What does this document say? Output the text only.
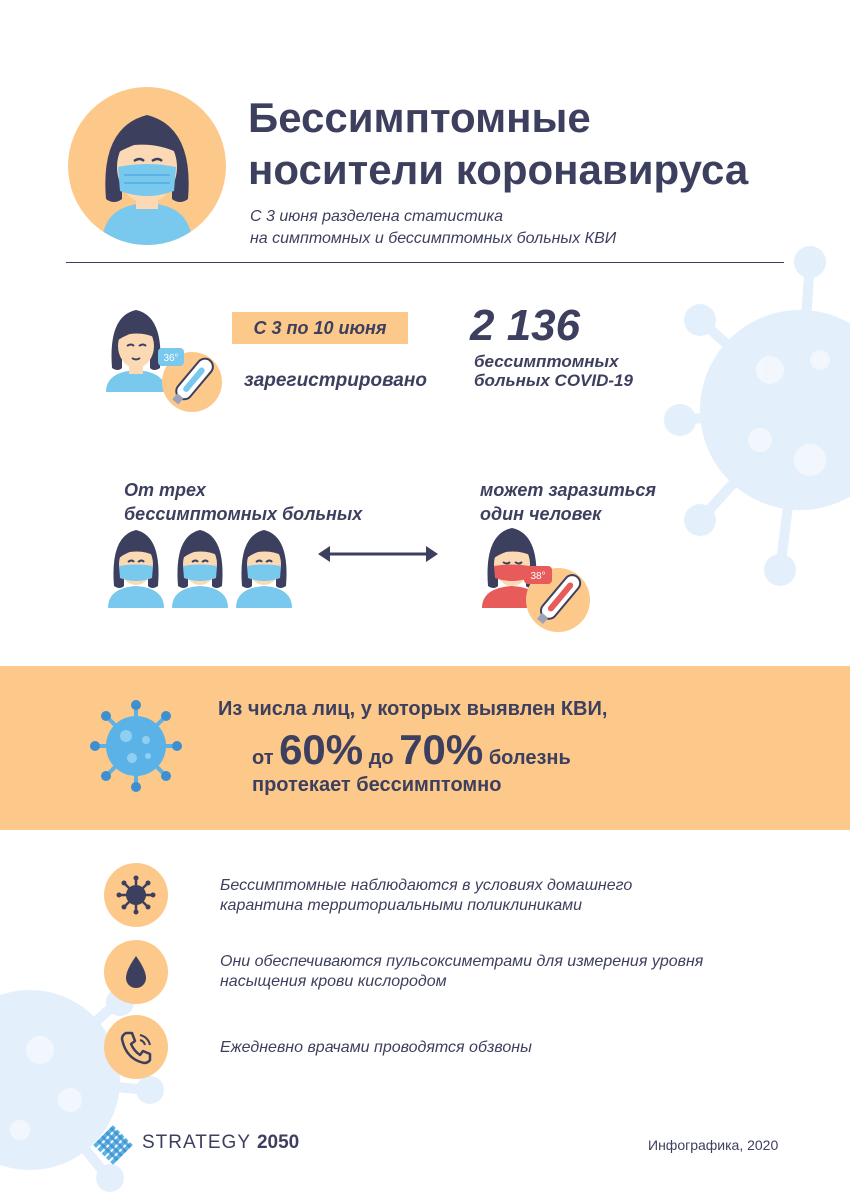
Бессимптомные
носители коронавируса
С 3 июня разделена статистика
на симптомных и бессимптомных больных КВИ
36°
С 3 по 10 июня
зарегистрировано
2 136
бессимптомных
больных COVID-19
От трех
бессимптомных больных
может заразиться
один человек
38°
Из числа лиц, у которых выявлен КВИ,
от 60% до 70% болезнь
протекает бессимптомно
Бессимптомные наблюдаются в условиях домашнего
карантина территориальными поликлиниками
Они обеспечиваются пульсоксиметрами для измерения уровня
насыщения крови кислородом
Ежедневно врачами проводятся обзвоны
STRATEGY 2050	Инфографика, 2020
